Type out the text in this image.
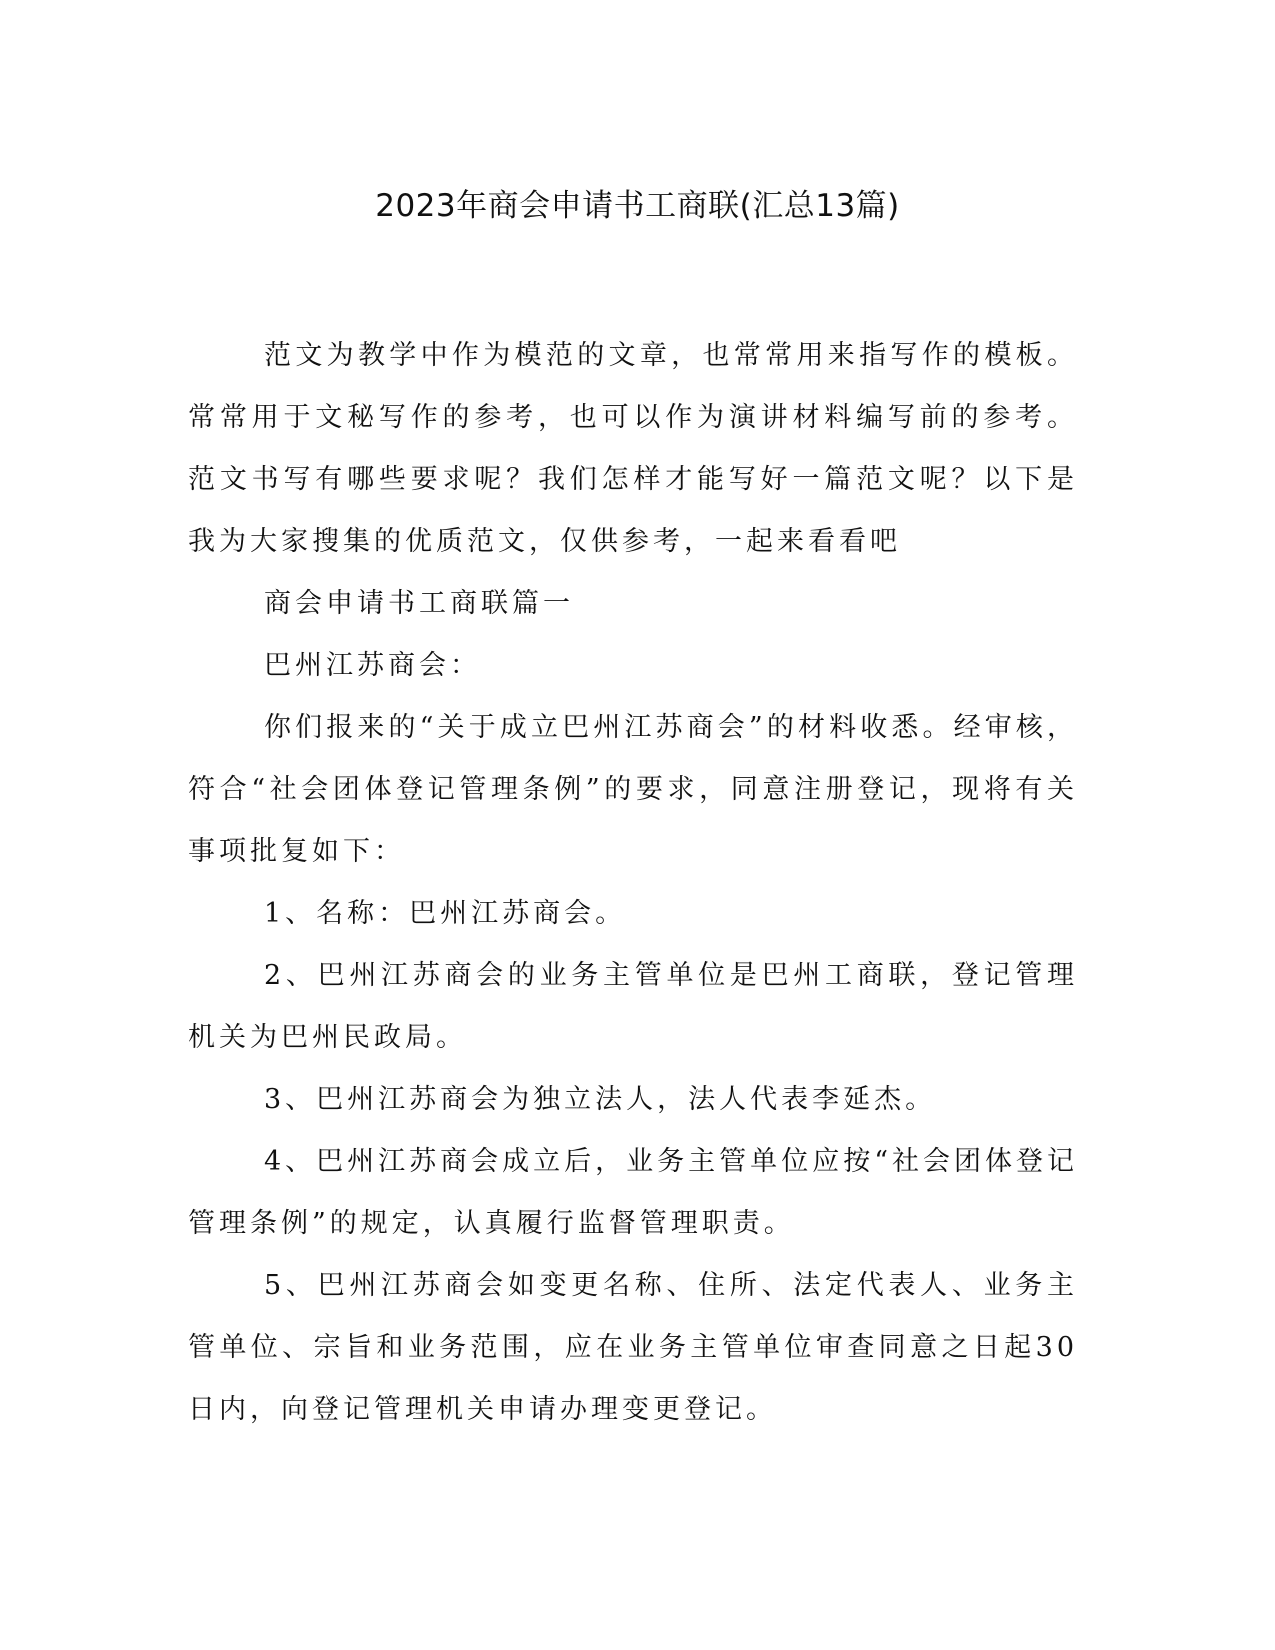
2023年商会申请书工商联(汇总13篇)

范文为教学中作为模范的文章，也常常用来指写作的模板。常常用于文秘写作的参考，也可以作为演讲材料编写前的参考。范文书写有哪些要求呢？我们怎样才能写好一篇范文呢？以下是我为大家搜集的优质范文，仅供参考，一起来看看吧

商会申请书工商联篇一

巴州江苏商会：

你们报来的“关于成立巴州江苏商会”的材料收悉。经审核，符合“社会团体登记管理条例”的要求，同意注册登记，现将有关事项批复如下：

1、名称：巴州江苏商会。

2、巴州江苏商会的业务主管单位是巴州工商联，登记管理机关为巴州民政局。

3、巴州江苏商会为独立法人，法人代表李延杰。

4、巴州江苏商会成立后，业务主管单位应按“社会团体登记管理条例”的规定，认真履行监督管理职责。

5、巴州江苏商会如变更名称、住所、法定代表人、业务主管单位、宗旨和业务范围，应在业务主管单位审查同意之日起30日内，向登记管理机关申请办理变更登记。
